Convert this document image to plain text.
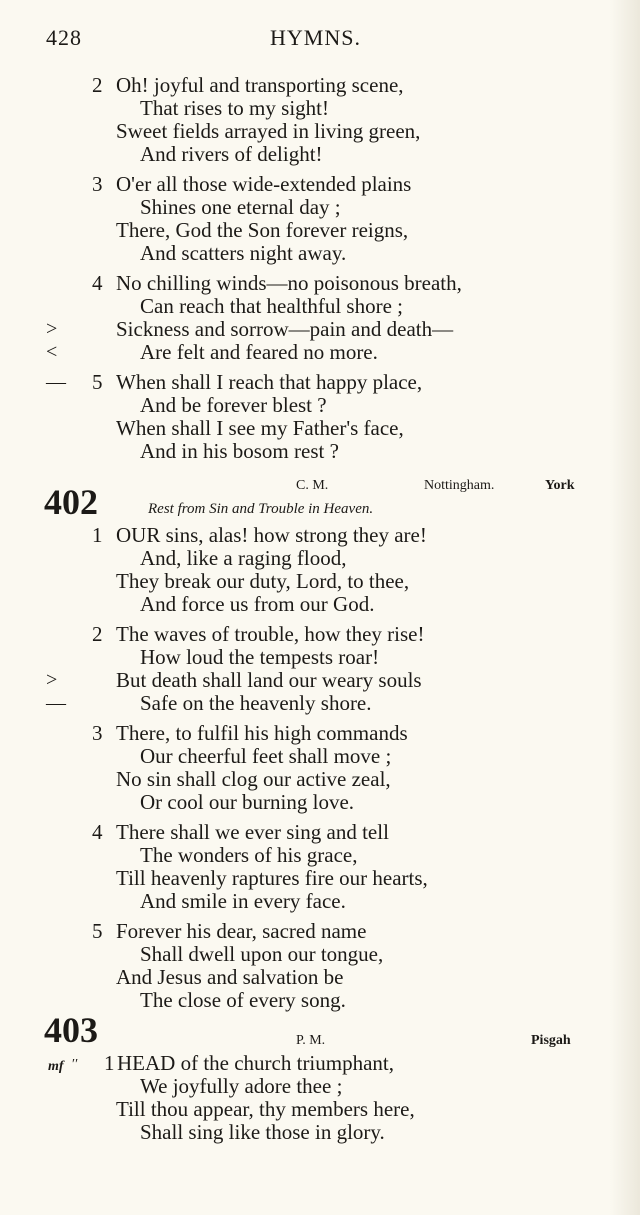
428	HYMNS.
2 Oh! joyful and transporting scene,
That rises to my sight!
Sweet fields arrayed in living green,
And rivers of delight!
3 O'er all those wide-extended plains
Shines one eternal day ;
There, God the Son forever reigns,
And scatters night away.
4 No chilling winds—no poisonous breath,
Can reach that healthful shore ;
>	Sickness and sorrow—pain and death—
<	Are felt and feared no more.
— 5 When shall I reach that happy place,
And be forever blest ?
When shall I see my Father's face,
And in his bosom rest ?
C. M.	Nottingham.	York
402	Rest from Sin and Trouble in Heaven.
1 OUR sins, alas! how strong they are!
And, like a raging flood,
They break our duty, Lord, to thee,
And force us from our God.
2 The waves of trouble, how they rise!
How loud the tempests roar!
>	But death shall land our weary souls
—	Safe on the heavenly shore.
3 There, to fulfil his high commands
Our cheerful feet shall move ;
No sin shall clog our active zeal,
Or cool our burning love.
4 There shall we ever sing and tell
The wonders of his grace,
Till heavenly raptures fire our hearts,
And smile in every face.
5 Forever his dear, sacred name
Shall dwell upon our tongue,
And Jesus and salvation be
The close of every song.
403	P. M.	Pisgah
mf ′′ 1 HEAD of the church triumphant,
We joyfully adore thee ;
Till thou appear, thy members here,
Shall sing like those in glory.
